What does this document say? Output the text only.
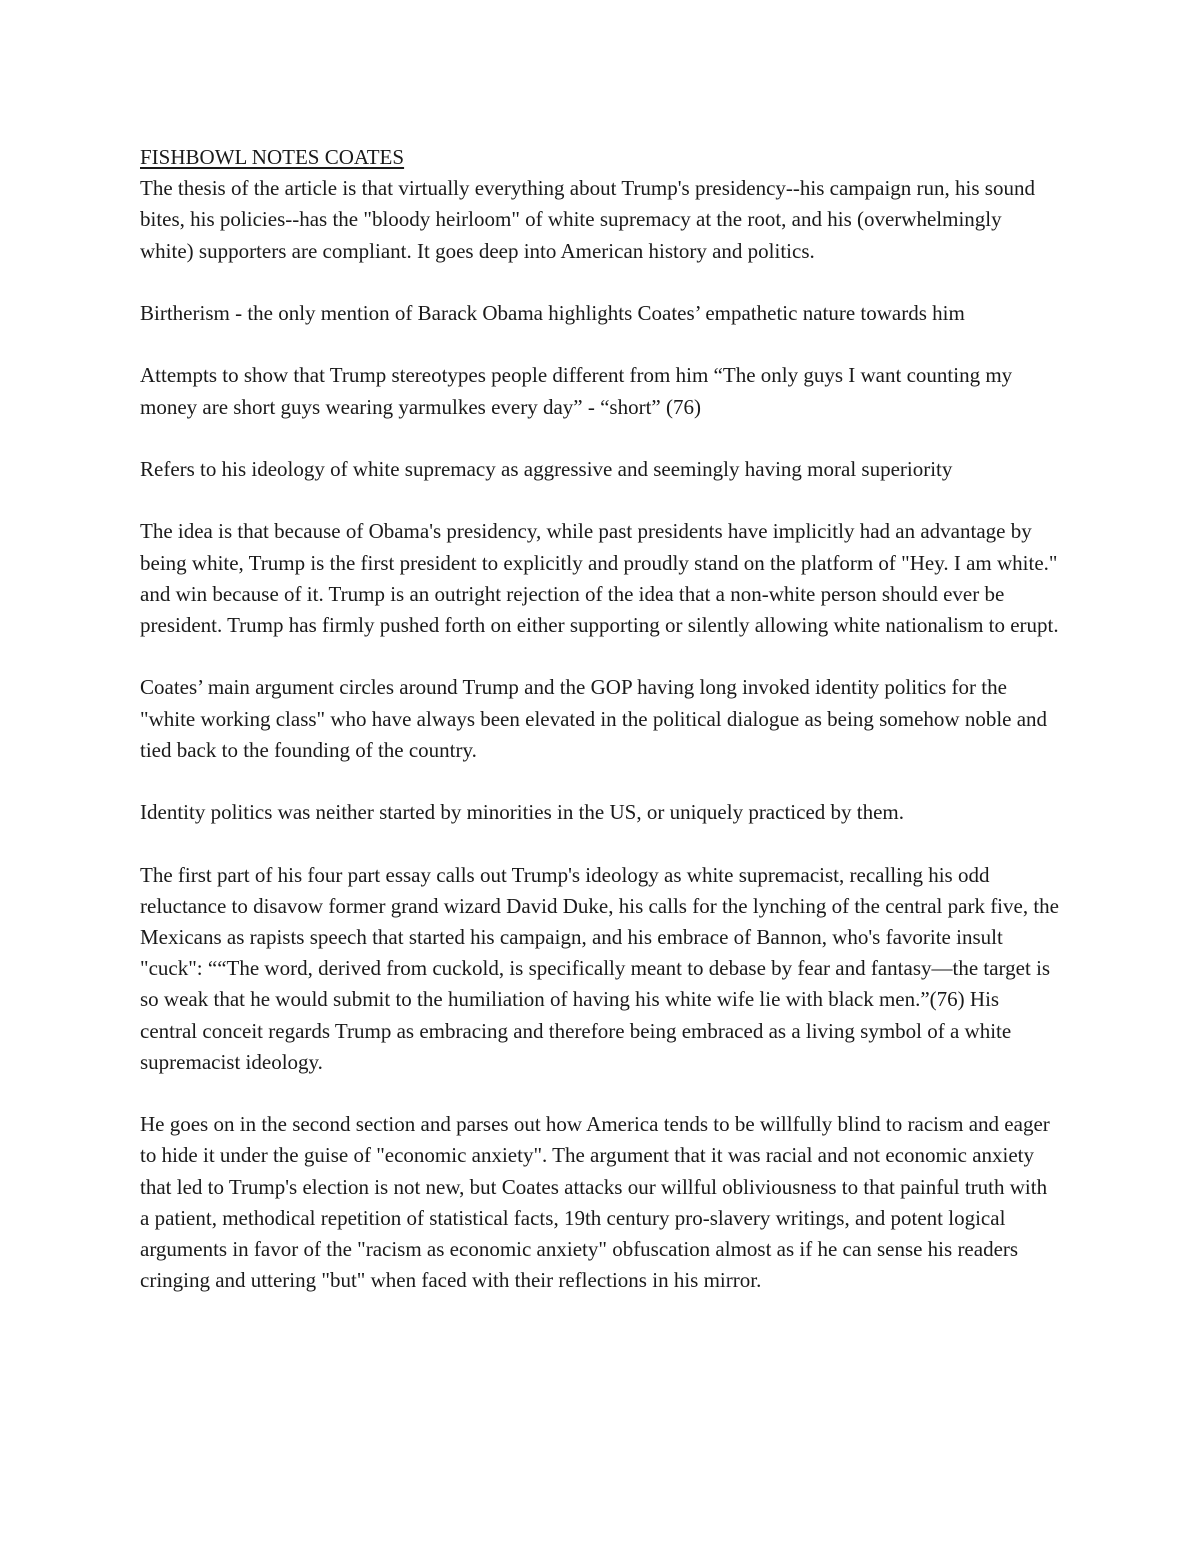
FISHBOWL NOTES COATES

The thesis of the article is that virtually everything about Trump's presidency--his campaign run, his sound bites, his policies--has the "bloody heirloom" of white supremacy at the root, and his (overwhelmingly white) supporters are compliant. It goes deep into American history and politics.

Birtherism - the only mention of Barack Obama highlights Coates’ empathetic nature towards him

Attempts to show that Trump stereotypes people different from him “The only guys I want counting my money are short guys wearing yarmulkes every day” - “short” (76)

Refers to his ideology of white supremacy as aggressive and seemingly having moral superiority

The idea is that because of Obama's presidency, while past presidents have implicitly had an advantage by being white, Trump is the first president to explicitly and proudly stand on the platform of "Hey. I am white." and win because of it. Trump is an outright rejection of the idea that a non-white person should ever be president. Trump has firmly pushed forth on either supporting or silently allowing white nationalism to erupt.

Coates’ main argument circles around Trump and the GOP having long invoked identity politics for the "white working class" who have always been elevated in the political dialogue as being somehow noble and tied back to the founding of the country.

Identity politics was neither started by minorities in the US, or uniquely practiced by them.

The first part of his four part essay calls out Trump's ideology as white supremacist, recalling his odd reluctance to disavow former grand wizard David Duke, his calls for the lynching of the central park five, the Mexicans as rapists speech that started his campaign, and his embrace of Bannon, who's favorite insult "cuck": ““The word, derived from cuckold, is specifically meant to debase by fear and fantasy—the target is so weak that he would submit to the humiliation of having his white wife lie with black men.”(76) His central conceit regards Trump as embracing and therefore being embraced as a living symbol of a white supremacist ideology.

He goes on in the second section and parses out how America tends to be willfully blind to racism and eager to hide it under the guise of "economic anxiety". The argument that it was racial and not economic anxiety that led to Trump's election is not new, but Coates attacks our willful obliviousness to that painful truth with a patient, methodical repetition of statistical facts, 19th century pro-slavery writings, and potent logical arguments in favor of the "racism as economic anxiety" obfuscation almost as if he can sense his readers cringing and uttering "but" when faced with their reflections in his mirror.
